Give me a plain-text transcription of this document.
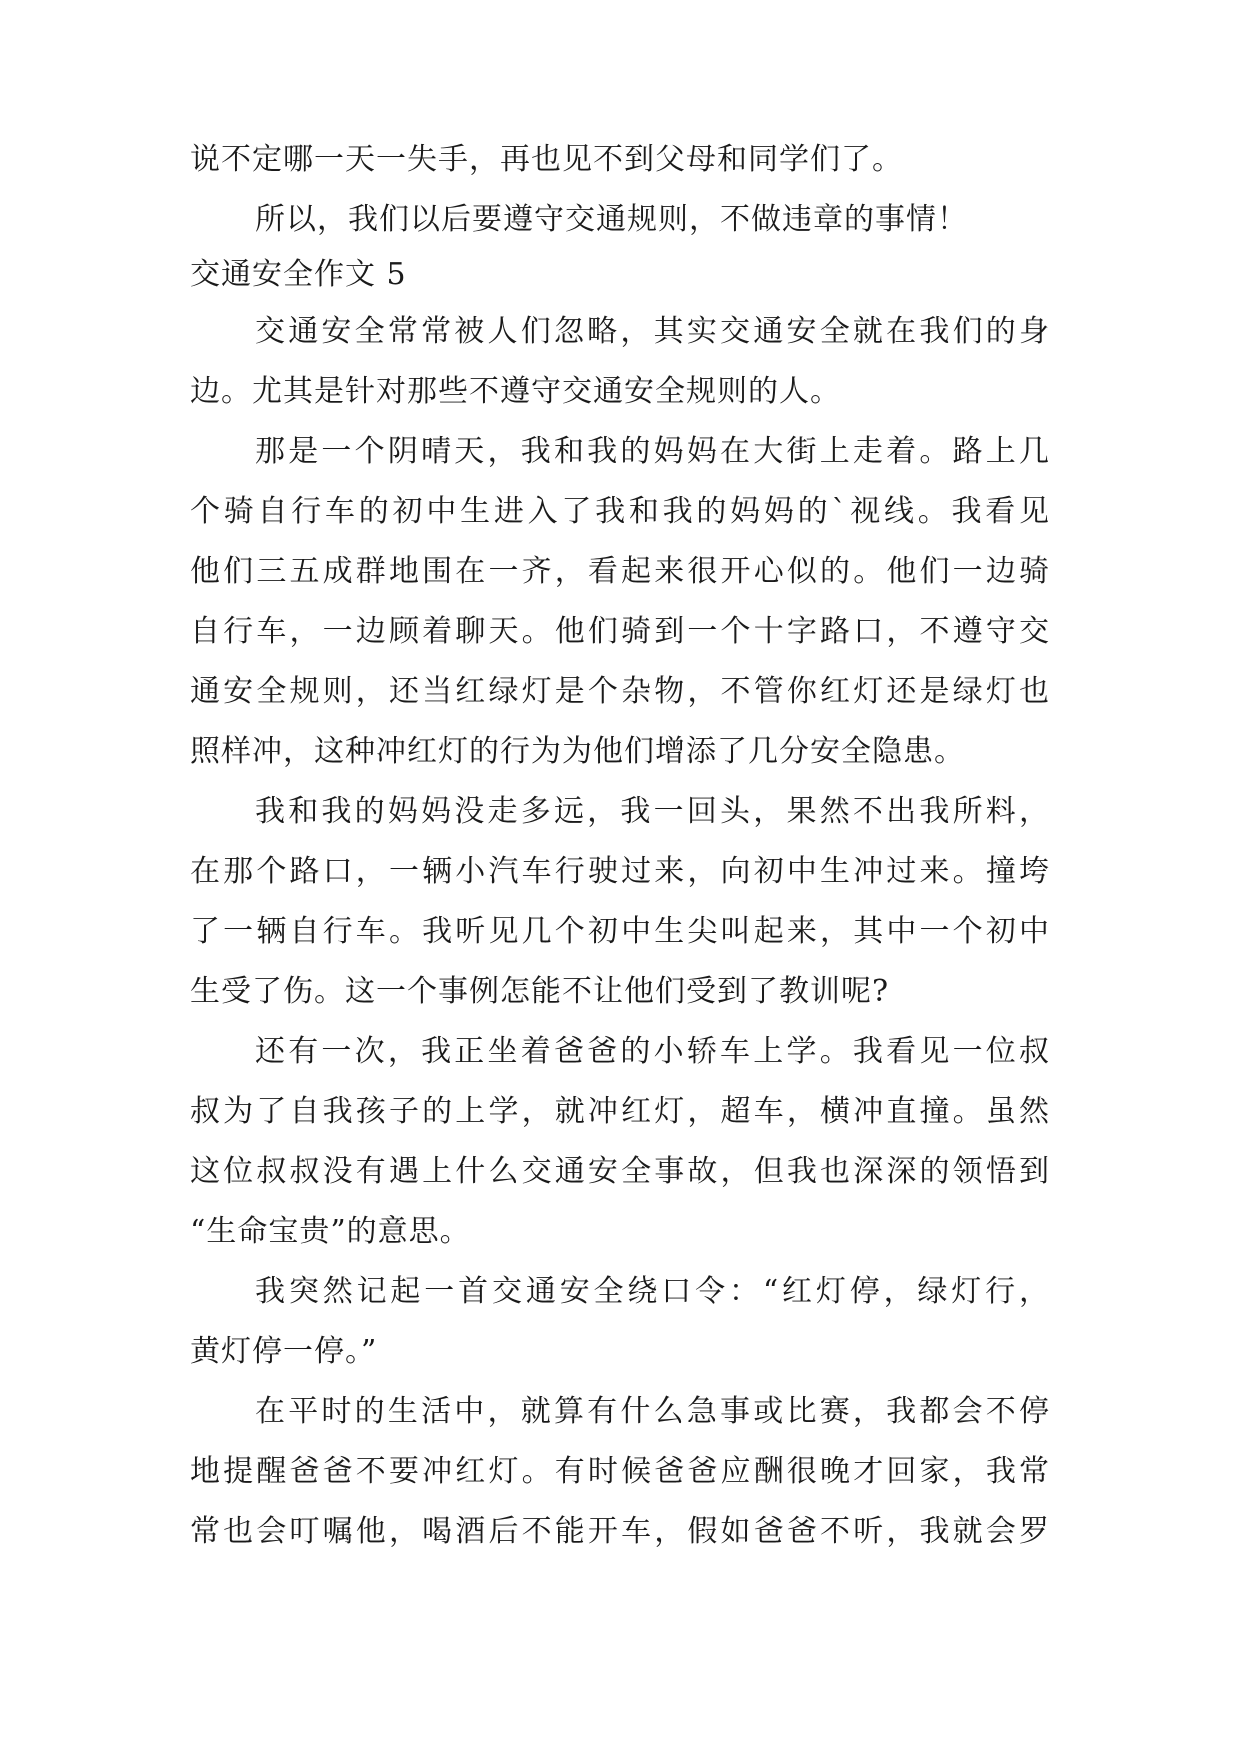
说不定哪一天一失手，再也见不到父母和同学们了。
所以，我们以后要遵守交通规则，不做违章的事情！
交通安全作文 5
交通安全常常被人们忽略，其实交通安全就在我们的身
边。尤其是针对那些不遵守交通安全规则的人。
那是一个阴晴天，我和我的妈妈在大街上走着。路上几
个骑自行车的初中生进入了我和我的妈妈的`视线。我看见
他们三五成群地围在一齐，看起来很开心似的。他们一边骑
自行车，一边顾着聊天。他们骑到一个十字路口，不遵守交
通安全规则，还当红绿灯是个杂物，不管你红灯还是绿灯也
照样冲，这种冲红灯的行为为他们增添了几分安全隐患。
我和我的妈妈没走多远，我一回头，果然不出我所料，
在那个路口，一辆小汽车行驶过来，向初中生冲过来。撞垮
了一辆自行车。我听见几个初中生尖叫起来，其中一个初中
生受了伤。这一个事例怎能不让他们受到了教训呢?
还有一次，我正坐着爸爸的小轿车上学。我看见一位叔
叔为了自我孩子的上学，就冲红灯，超车，横冲直撞。虽然
这位叔叔没有遇上什么交通安全事故，但我也深深的领悟到
“生命宝贵”的意思。
我突然记起一首交通安全绕口令：“红灯停，绿灯行，
黄灯停一停。”
在平时的生活中，就算有什么急事或比赛，我都会不停
地提醒爸爸不要冲红灯。有时候爸爸应酬很晚才回家，我常
常也会叮嘱他，喝酒后不能开车，假如爸爸不听，我就会罗
